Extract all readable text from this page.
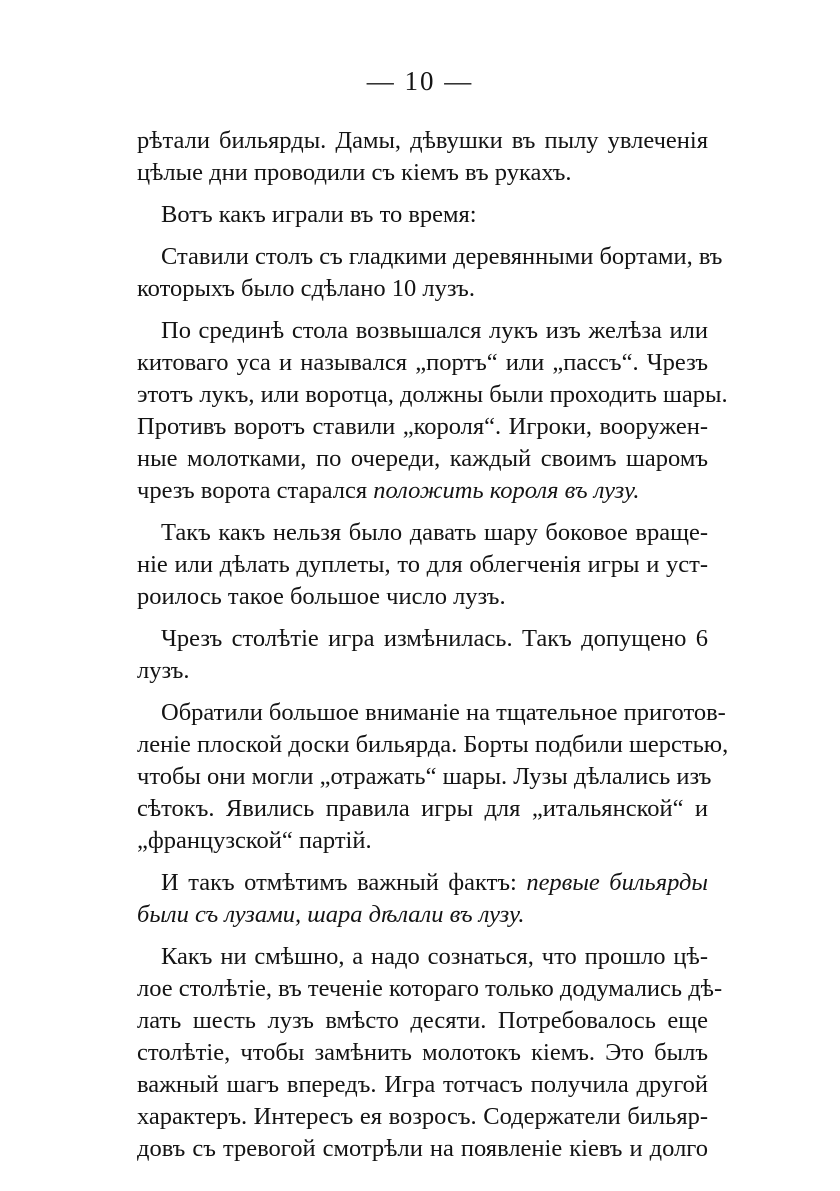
— 10 —
рѣтали бильярды. Дамы, дѣвушки въ пылу увлеченія
цѣлые дни проводили съ кіемъ въ рукахъ.
Вотъ какъ играли въ то время:
Ставили столъ съ гладкими деревянными бортами, въ
которыхъ было сдѣлано 10 лузъ.
По срединѣ стола возвышался лукъ изъ желѣза или
китоваго уса и назывался „портъ“ или „пассъ“. Чрезъ
этотъ лукъ, или воротца, должны были проходить шары.
Противъ воротъ ставили „короля“. Игроки, вооружен-
ные молотками, по очереди, каждый своимъ шаромъ
чрезъ ворота старался положить короля въ лузу.
Такъ какъ нельзя было давать шару боковое враще-
ніе или дѣлать дуплеты, то для облегченія игры и уст-
роилось такое большое число лузъ.
Чрезъ столѣтіе игра измѣнилась. Такъ допущено 6
лузъ.
Обратили большое вниманіе на тщательное приготов-
леніе плоской доски бильярда. Борты подбили шерстью,
чтобы они могли „отражать“ шары. Лузы дѣлались изъ
сѣтокъ. Явились правила игры для „итальянской“ и
„французской“ партій.
И такъ отмѣтимъ важный фактъ: первые бильярды
были съ лузами, шара дѣлали въ лузу.
Какъ ни смѣшно, а надо сознаться, что прошло цѣ-
лое столѣтіе, въ теченіе котораго только додумались дѣ-
лать шесть лузъ вмѣсто десяти. Потребовалось еще
столѣтіе, чтобы замѣнить молотокъ кіемъ. Это былъ
важный шагъ впередъ. Игра тотчасъ получила другой
характеръ. Интересъ ея возросъ. Содержатели бильяр-
довъ съ тревогой смотрѣли на появленіе кіевъ и долго
